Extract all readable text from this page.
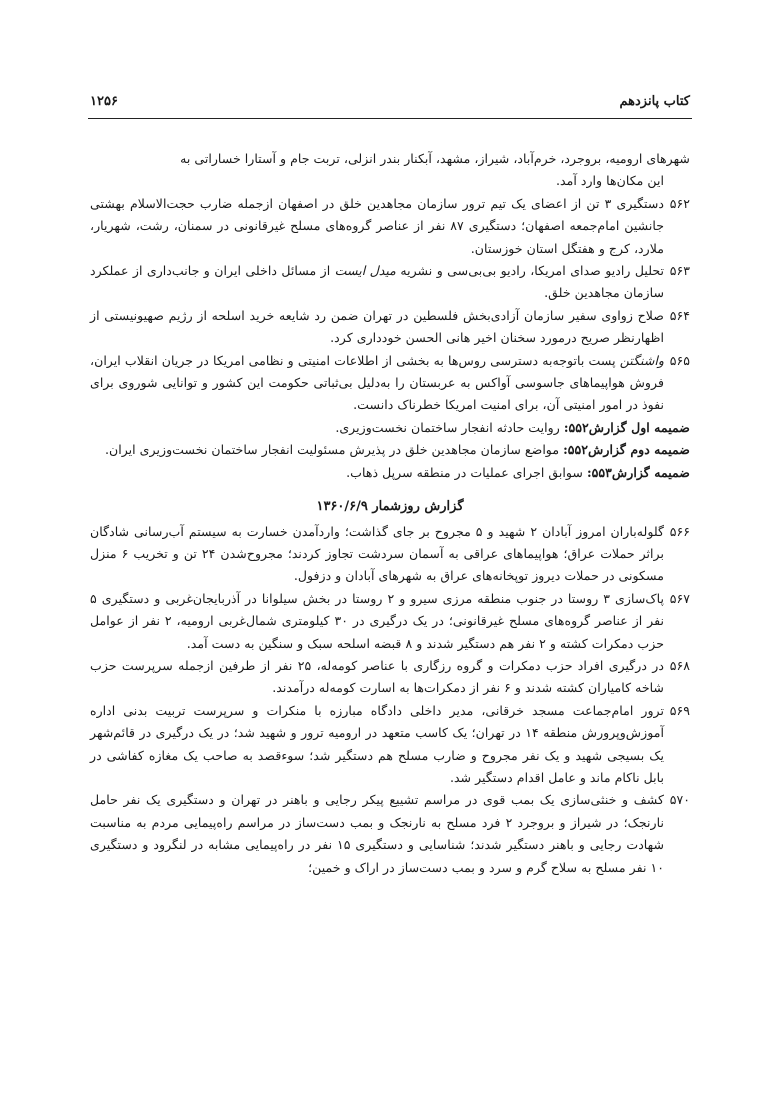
کتاب پانزدهم
۱۲۵۶

شهرهای ارومیه، بروجرد، خرم‌آباد، شیراز، مشهد، آبکنار بندر انزلی، تربت جام و آستارا خساراتی به

این مکان‌ها وارد آمد.

۵۶۲دستگیری ۳ تن از اعضای یک تیم ترور سازمان مجاهدین خلق در اصفهان ازجمله ضارب حجت‌الاسلام بهشتی جانشین امام‌جمعه اصفهان؛ دستگیری ۸۷ نفر از عناصر گروه‌های مسلح غیرقانونی در سمنان، رشت، شهریار، ملارد، کرج و هفتگل استان خوزستان.

۵۶۳تحلیل رادیو صدای امریکا، رادیو بی‌بی‌سی و نشریه میدل ایست از مسائل داخلی ایران و جانب‌داری از عملکرد سازمان مجاهدین خلق.

۵۶۴صلاح زواوی سفیر سازمان آزادی‌بخش فلسطین در تهران ضمن رد شایعه خرید اسلحه از رژیم صهیونیستی از اظهارنظر صریح درمورد سخنان اخیر هانی الحسن خودداری کرد.

۵۶۵واشنگتن پست باتوجه‌به دسترسی روس‌ها به بخشی از اطلاعات امنیتی و نظامی امریکا در جریان انقلاب ایران، فروش هواپیماهای جاسوسی آواکس به عربستان را به‌دلیل بی‌ثباتی حکومت این کشور و توانایی شوروی برای نفوذ در امور امنیتی آن، برای امنیت امریکا خطرناک دانست.

ضمیمه اول گزارش۵۵۲: روایت حادثه انفجار ساختمان نخست‌وزیری.

ضمیمه دوم گزارش۵۵۲: مواضع سازمان مجاهدین خلق در پذیرش مسئولیت انفجار ساختمان نخست‌وزیری ایران.

ضمیمه گزارش۵۵۳: سوابق اجرای عملیات در منطقه سرپل ذهاب.

گزارش روزشمار ۱۳۶۰/۶/۹

۵۶۶گلوله‌باران امروز آبادان ۲ شهید و ۵ مجروح بر جای گذاشت؛ واردآمدن خسارت به سیستم آب‌رسانی شادگان براثر حملات عراق؛ هواپیماهای عراقی به آسمان سردشت تجاوز کردند؛ مجروح‌شدن ۲۴ تن و تخریب ۶ منزل مسکونی در حملات دیروز توپخانه‌های عراق به شهرهای آبادان و دزفول.

۵۶۷پاک‌سازی ۳ روستا در جنوب منطقه مرزی سیرو و ۲ روستا در بخش سیلوانا در آذربایجان‌غربی و دستگیری ۵ نفر از عناصر گروه‌های مسلح غیرقانونی؛ در یک درگیری در ۳۰ کیلومتری شمال‌غربی ارومیه، ۲ نفر از عوامل حزب دمکرات کشته و ۲ نفر هم دستگیر شدند و ۸ قبضه اسلحه سبک و سنگین به دست آمد.

۵۶۸در درگیری افراد حزب دمکرات و گروه رزگاری با عناصر کومه‌له، ۲۵ نفر از طرفین ازجمله سرپرست حزب شاخه کامیاران کشته شدند و ۶ نفر از دمکرات‌ها به اسارت کومه‌له درآمدند.

۵۶۹ترور امام‌جماعت مسجد خرقانی، مدیر داخلی دادگاه مبارزه با منکرات و سرپرست تربیت بدنی اداره آموزش‌وپرورش منطقه ۱۴ در تهران؛ یک کاسب متعهد در ارومیه ترور و شهید شد؛ در یک درگیری در قائم‌شهر یک بسیجی شهید و یک نفر مجروح و ضارب مسلح هم دستگیر شد؛ سوءقصد به صاحب یک مغازه کفاشی در بابل ناکام ماند و عامل اقدام دستگیر شد.

۵۷۰کشف و خنثی‌سازی یک بمب قوی در مراسم تشییع پیکر رجایی و باهنر در تهران و دستگیری یک نفر حامل نارنجک؛ در شیراز و بروجرد ۲ فرد مسلح به نارنجک و بمب دست‌ساز در مراسم راه‌پیمایی مردم به مناسبت شهادت رجایی و باهنر دستگیر شدند؛ شناسایی و دستگیری ۱۵ نفر در راه‌پیمایی مشابه در لنگرود و دستگیری ۱۰ نفر مسلح به سلاح گرم و سرد و بمب دست‌ساز در اراک و خمین؛
